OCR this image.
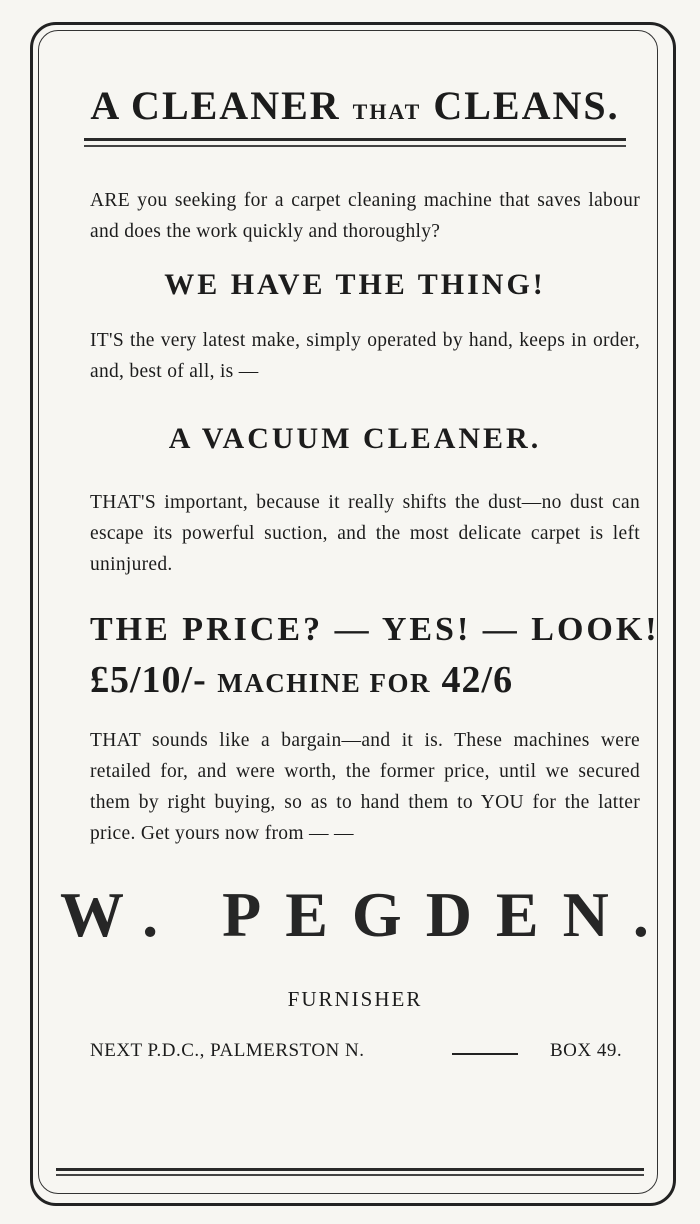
A CLEANER THAT CLEANS.

ARE you seeking for a carpet cleaning machine that saves labour and does the work quickly and thoroughly?

WE HAVE THE THING!

IT'S the very latest make, simply operated by hand, keeps in order, and, best of all, is —

A VACUUM CLEANER.

THAT'S important, because it really shifts the dust—no dust can escape its powerful suction, and the most delicate carpet is left uninjured.

THE PRICE? — YES! — LOOK!

£5/10/- MACHINE FOR 42/6

THAT sounds like a bargain—and it is. These machines were retailed for, and were worth, the former price, until we secured them by right buying, so as to hand them to YOU for the latter price. Get yours now from — —

W. PEGDEN.
FURNISHER
NEXT P.D.C., PALMERSTON N.	BOX 49.
